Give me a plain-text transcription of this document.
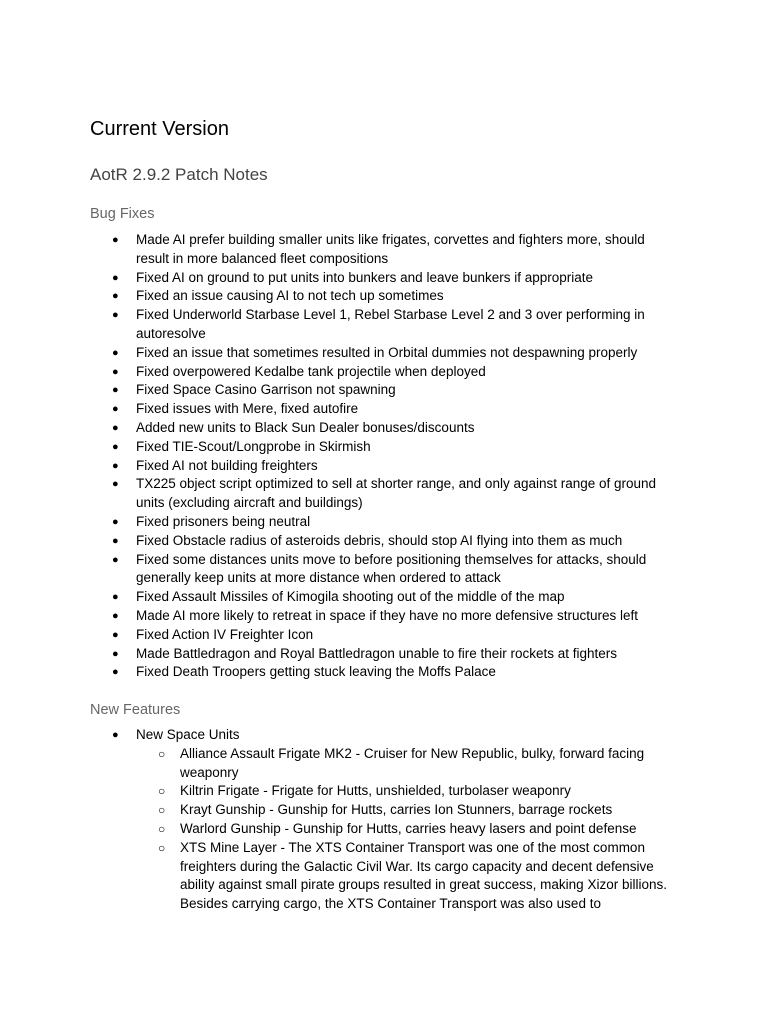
Current Version
AotR 2.9.2 Patch Notes
Bug Fixes
● Made AI prefer building smaller units like frigates, corvettes and fighters more, should result in more balanced fleet compositions
● Fixed AI on ground to put units into bunkers and leave bunkers if appropriate
● Fixed an issue causing AI to not tech up sometimes
● Fixed Underworld Starbase Level 1, Rebel Starbase Level 2 and 3 over performing in autoresolve
● Fixed an issue that sometimes resulted in Orbital dummies not despawning properly
● Fixed overpowered Kedalbe tank projectile when deployed
● Fixed Space Casino Garrison not spawning
● Fixed issues with Mere, fixed autofire
● Added new units to Black Sun Dealer bonuses/discounts
● Fixed TIE-Scout/Longprobe in Skirmish
● Fixed AI not building freighters
● TX225 object script optimized to sell at shorter range, and only against range of ground units (excluding aircraft and buildings)
● Fixed prisoners being neutral
● Fixed Obstacle radius of asteroids debris, should stop AI flying into them as much
● Fixed some distances units move to before positioning themselves for attacks, should generally keep units at more distance when ordered to attack
● Fixed Assault Missiles of Kimogila shooting out of the middle of the map
● Made AI more likely to retreat in space if they have no more defensive structures left
● Fixed Action IV Freighter Icon
● Made Battledragon and Royal Battledragon unable to fire their rockets at fighters
● Fixed Death Troopers getting stuck leaving the Moffs Palace
New Features
● New Space Units
○ Alliance Assault Frigate MK2 - Cruiser for New Republic, bulky, forward facing weaponry
○ Kiltrin Frigate - Frigate for Hutts, unshielded, turbolaser weaponry
○ Krayt Gunship - Gunship for Hutts, carries Ion Stunners, barrage rockets
○ Warlord Gunship - Gunship for Hutts, carries heavy lasers and point defense
○ XTS Mine Layer - The XTS Container Transport was one of the most common freighters during the Galactic Civil War. Its cargo capacity and decent defensive ability against small pirate groups resulted in great success, making Xizor billions. Besides carrying cargo, the XTS Container Transport was also used to
